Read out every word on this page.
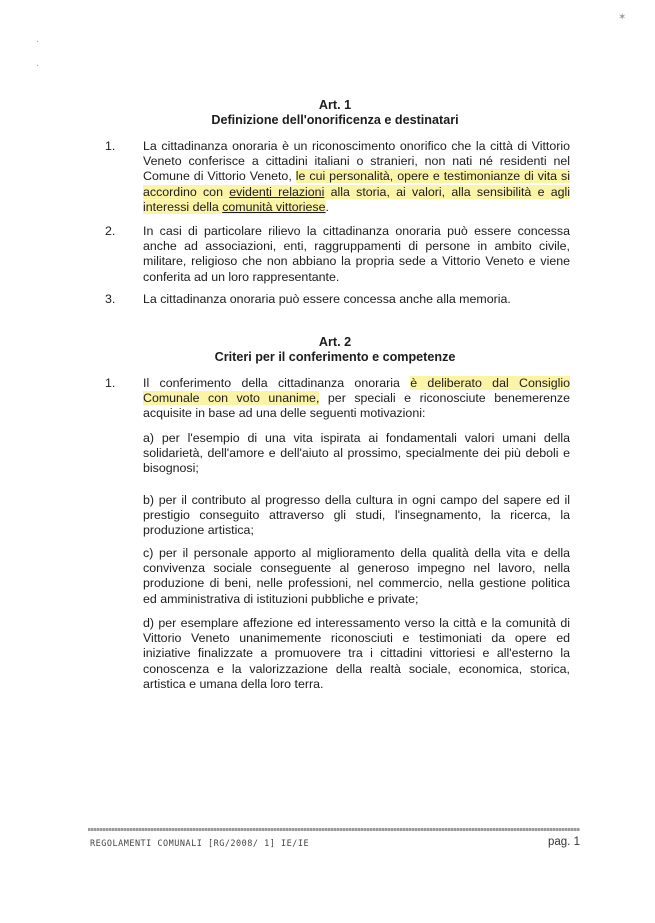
·
·
✶
Art. 1
Definizione dell'onorificenza e destinatari
1. La cittadinanza onoraria è un riconoscimento onorifico che la città di Vittorio Veneto conferisce a cittadini italiani o stranieri, non nati né residenti nel Comune di Vittorio Veneto, le cui personalità, opere e testimonianze di vita si accordino con evidenti relazioni alla storia, ai valori, alla sensibilità e agli interessi della comunità vittoriese.
2. In casi di particolare rilievo la cittadinanza onoraria può essere concessa anche ad associazioni, enti, raggruppamenti di persone in ambito civile, militare, religioso che non abbiano la propria sede a Vittorio Veneto e viene conferita ad un loro rappresentante.
3. La cittadinanza onoraria può essere concessa anche alla memoria.
Art. 2
Criteri per il conferimento e competenze
1. Il conferimento della cittadinanza onoraria è deliberato dal Consiglio Comunale con voto unanime, per speciali e riconosciute benemerenze acquisite in base ad una delle seguenti motivazioni:
a) per l'esempio di una vita ispirata ai fondamentali valori umani della solidarietà, dell'amore e dell'aiuto al prossimo, specialmente dei più deboli e bisognosi;
b) per il contributo al progresso della cultura in ogni campo del sapere ed il prestigio conseguito attraverso gli studi, l'insegnamento, la ricerca, la produzione artistica;
c) per il personale apporto al miglioramento della qualità della vita e della convivenza sociale conseguente al generoso impegno nel lavoro, nella produzione di beni, nelle professioni, nel commercio, nella gestione politica ed amministrativa di istituzioni pubbliche e private;
d) per esemplare affezione ed interessamento verso la città e la comunità di Vittorio Veneto unanimemente riconosciuti e testimoniati da opere ed iniziative finalizzate a promuovere tra i cittadini vittoriesi e all'esterno la conoscenza e la valorizzazione della realtà sociale, economica, storica, artistica e umana della loro terra.
REGOLAMENTI COMUNALI [RG/2008/ 1] IE/IE	pag. 1
